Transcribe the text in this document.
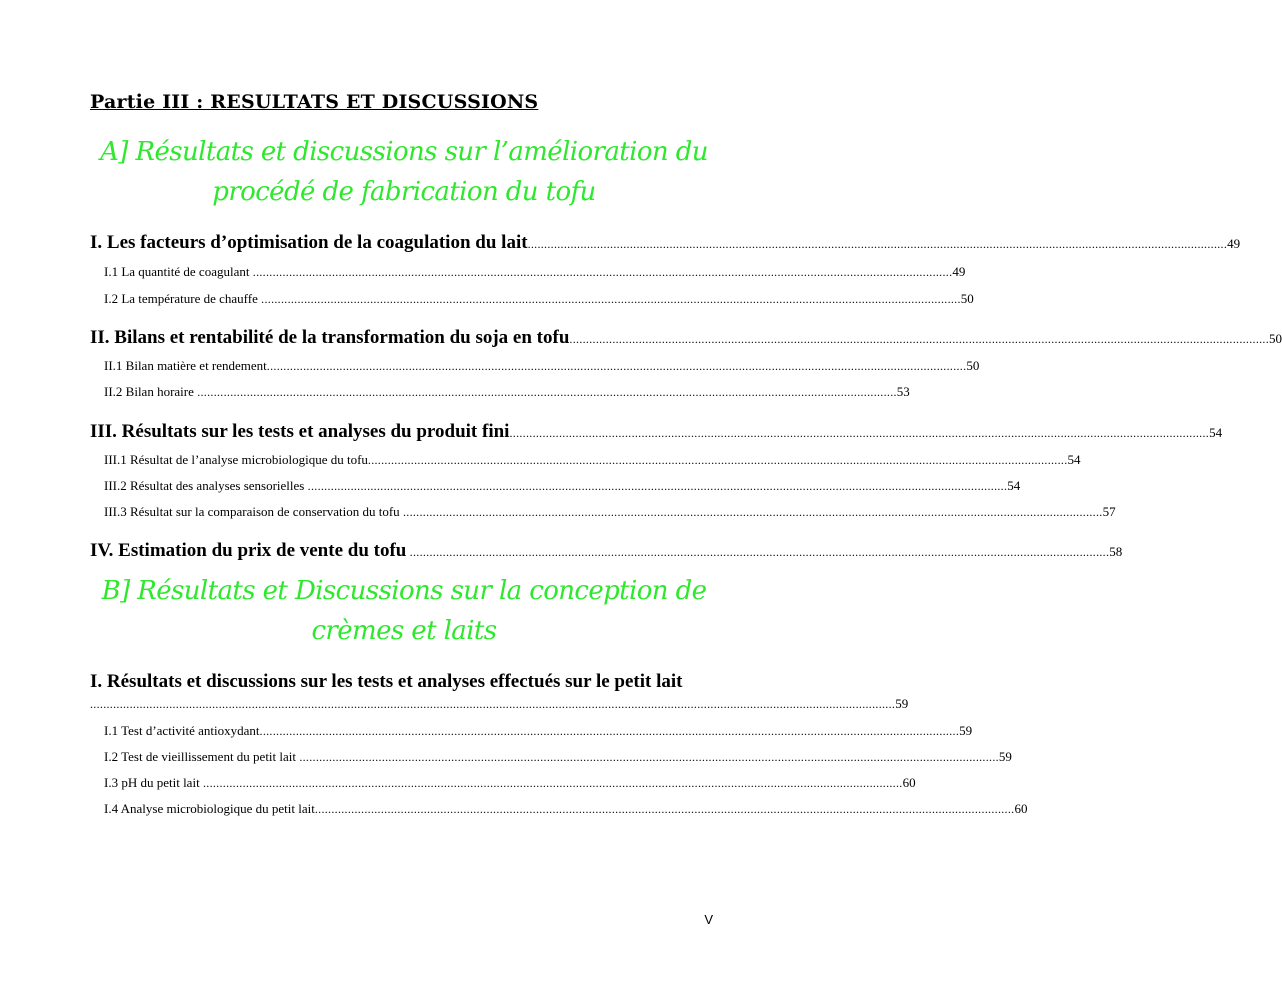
Partie III : RESULTATS ET DISCUSSIONS
A] Résultats et discussions sur l’amélioration du
procédé de fabrication du tofu
I. Les facteurs d’optimisation de la coagulation du lait .................................................................................................................................................................................................................... 49
I.1 La quantité de coagulant .................................................................................................................................................................................................................... 49
I.2 La température de chauffe .................................................................................................................................................................................................................... 50
II. Bilans et rentabilité de la transformation du soja en tofu .................................................................................................................................................................................................................... 50
II.1 Bilan matière et rendement .................................................................................................................................................................................................................... 50
II.2 Bilan horaire .................................................................................................................................................................................................................... 53
III. Résultats sur les tests et analyses du produit fini .................................................................................................................................................................................................................... 54
III.1 Résultat de l’analyse microbiologique du tofu .................................................................................................................................................................................................................... 54
III.2 Résultat des analyses sensorielles .................................................................................................................................................................................................................... 54
III.3 Résultat sur la comparaison de conservation du tofu .................................................................................................................................................................................................................... 57
IV. Estimation du prix de vente du tofu .................................................................................................................................................................................................................... 58
B] Résultats et Discussions sur la conception de
crèmes et laits
I. Résultats et discussions sur les tests et analyses effectués sur le petit lait
.................................................................................................................................................................................................................................................... 59
I.1 Test d’activité antioxydant .................................................................................................................................................................................................................... 59
I.2 Test de vieillissement du petit lait .................................................................................................................................................................................................................... 59
I.3 pH du petit lait .................................................................................................................................................................................................................... 60
I.4 Analyse microbiologique du petit lait .................................................................................................................................................................................................................... 60
V
